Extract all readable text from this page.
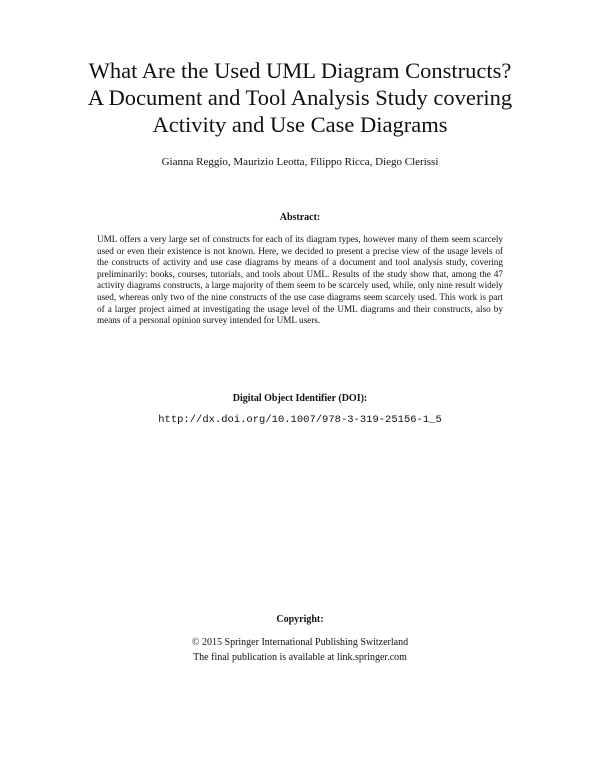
What Are the Used UML Diagram Constructs?
A Document and Tool Analysis Study covering
Activity and Use Case Diagrams
Gianna Reggio, Maurizio Leotta, Filippo Ricca, Diego Clerissi
Abstract:

UML offers a very large set of constructs for each of its diagram types, however many of them seem scarcely used or even their existence is not known. Here, we decided to present a precise view of the usage levels of the constructs of activity and use case diagrams by means of a document and tool analysis study, covering preliminarily: books, courses, tutorials, and tools about UML. Results of the study show that, among the 47 activity diagrams constructs, a large majority of them seem to be scarcely used, while, only nine result widely used, whereas only two of the nine constructs of the use case diagrams seem scarcely used. This work is part of a larger project aimed at investigating the usage level of the UML diagrams and their constructs, also by means of a personal opinion survey intended for UML users.

Digital Object Identifier (DOI):
http://dx.doi.org/10.1007/978-3-319-25156-1_5
Copyright:
© 2015 Springer International Publishing Switzerland
The final publication is available at link.springer.com
